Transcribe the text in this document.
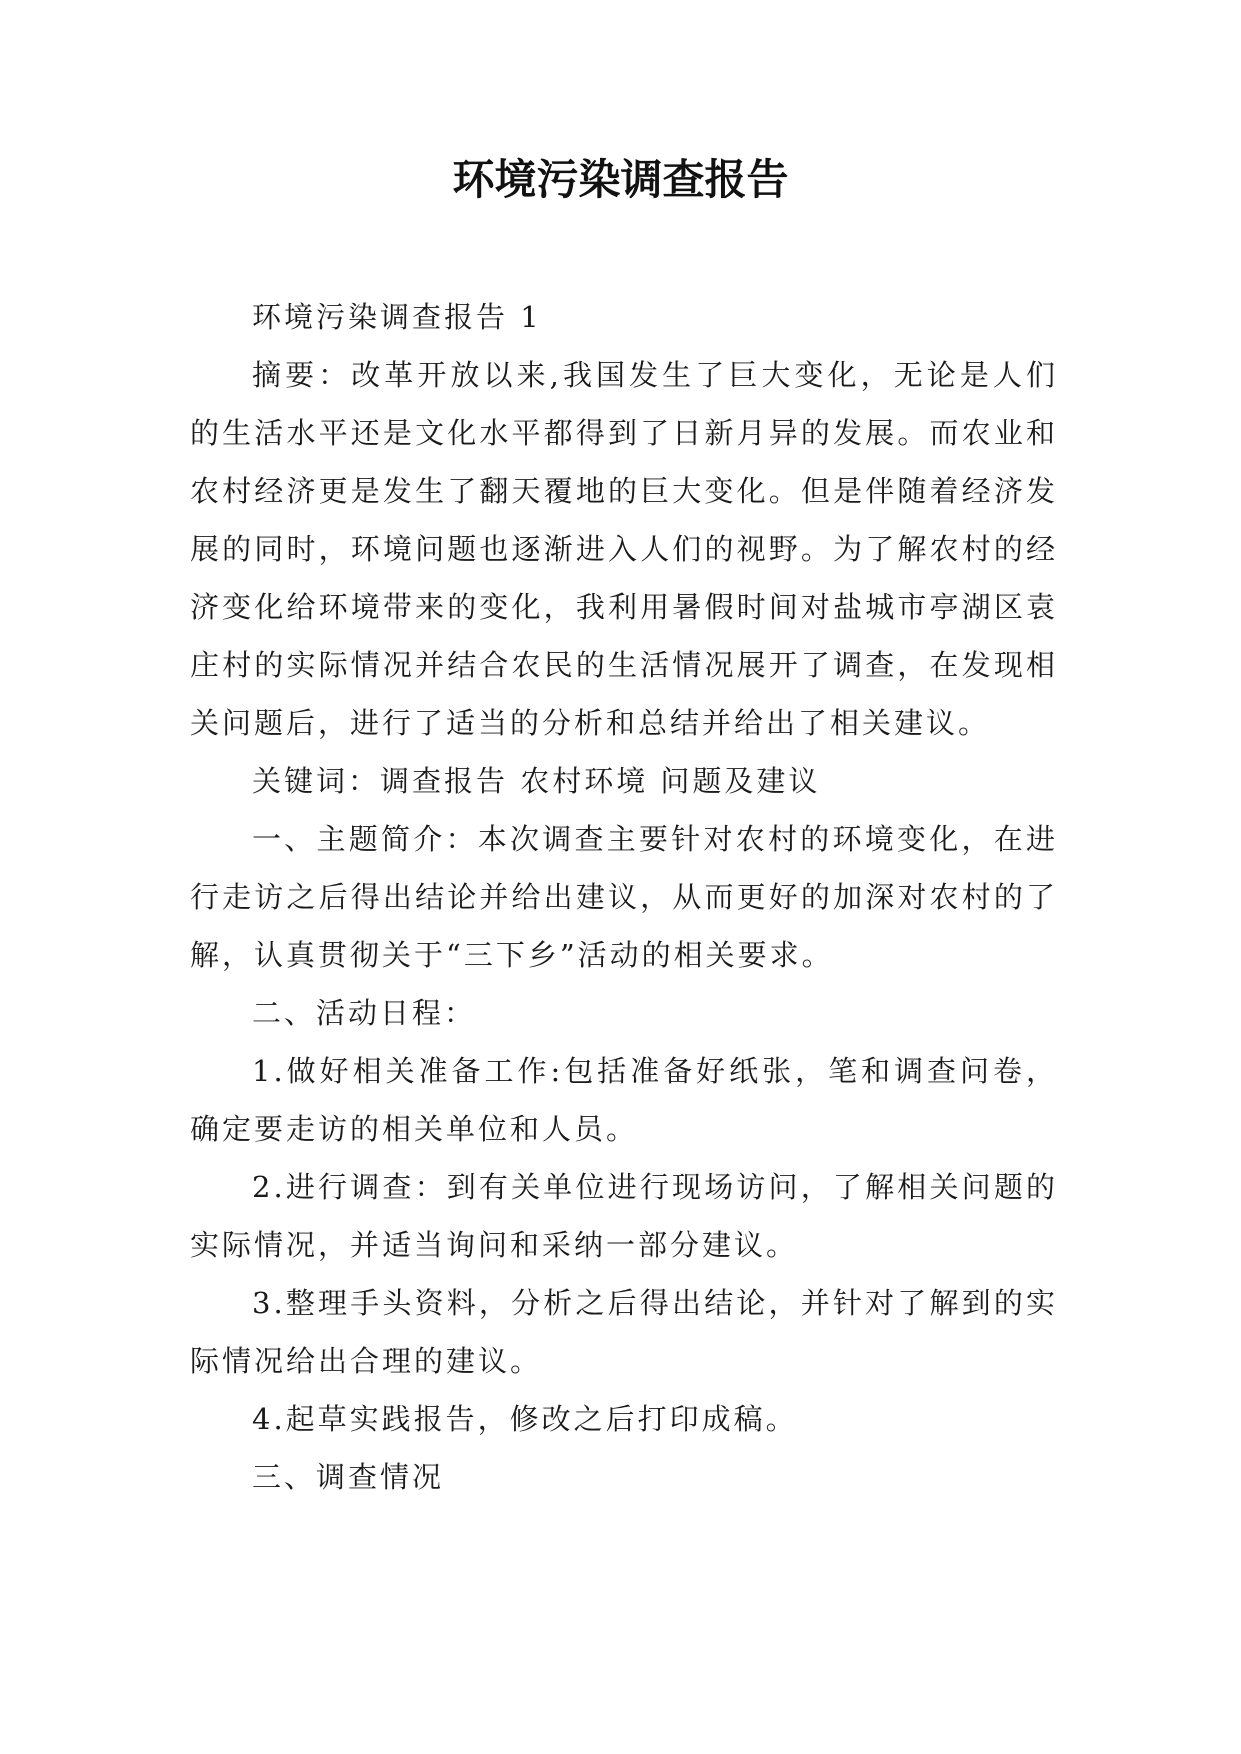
环境污染调查报告

环境污染调查报告 1

摘要：改革开放以来,我国发生了巨大变化，无论是人们的生活水平还是文化水平都得到了日新月异的发展。而农业和农村经济更是发生了翻天覆地的巨大变化。但是伴随着经济发展的同时，环境问题也逐渐进入人们的视野。为了解农村的经济变化给环境带来的变化，我利用暑假时间对盐城市亭湖区袁庄村的实际情况并结合农民的生活情况展开了调查，在发现相关问题后，进行了适当的分析和总结并给出了相关建议。

关键词：调查报告 农村环境 问题及建议

一、主题简介：本次调查主要针对农村的环境变化，在进行走访之后得出结论并给出建议，从而更好的加深对农村的了解，认真贯彻关于“三下乡”活动的相关要求。

二、活动日程：

1.做好相关准备工作:包括准备好纸张，笔和调查问卷，确定要走访的相关单位和人员。

2.进行调查：到有关单位进行现场访问，了解相关问题的实际情况，并适当询问和采纳一部分建议。

3.整理手头资料，分析之后得出结论，并针对了解到的实际情况给出合理的建议。

4.起草实践报告，修改之后打印成稿。

三、调查情况
